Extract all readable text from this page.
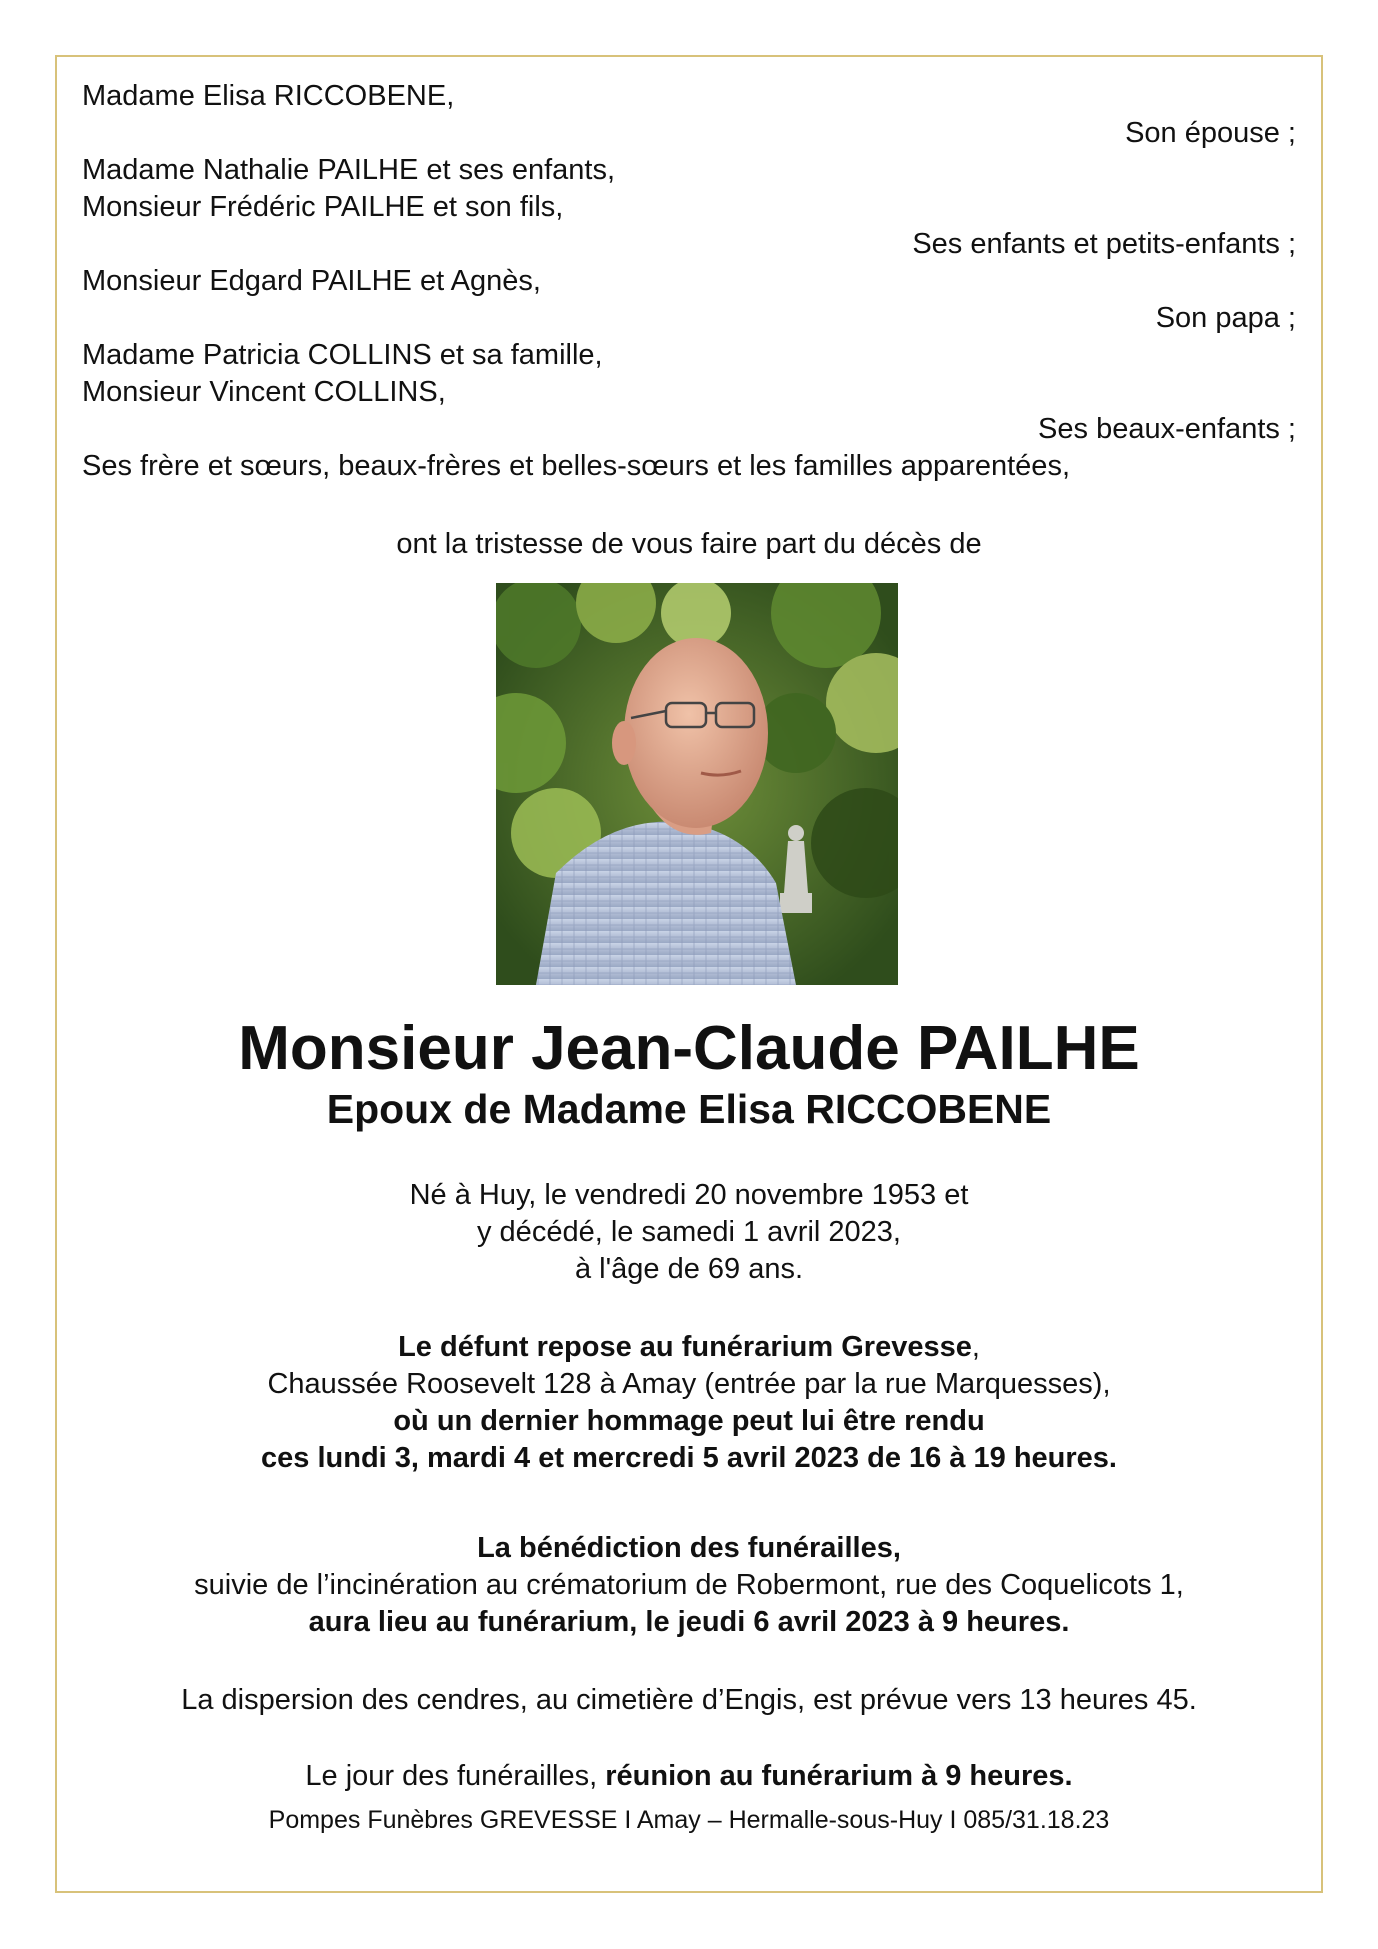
Madame Elisa RICCOBENE,
Son épouse ;
Madame Nathalie PAILHE et ses enfants,
Monsieur Frédéric PAILHE et son fils,
Ses enfants et petits-enfants ;
Monsieur Edgard PAILHE et Agnès,
Son papa ;
Madame Patricia COLLINS et sa famille,
Monsieur Vincent COLLINS,
Ses beaux-enfants ;
Ses frère et sœurs, beaux-frères et belles-sœurs et les familles apparentées,
ont la tristesse de vous faire part du décès de
Monsieur Jean-Claude PAILHE
Epoux de Madame Elisa RICCOBENE
Né à Huy, le vendredi 20 novembre 1953 et
y décédé, le samedi 1 avril 2023,
à l'âge de 69 ans.
Le défunt repose au funérarium Grevesse,
Chaussée Roosevelt 128 à Amay (entrée par la rue Marquesses),
où un dernier hommage peut lui être rendu
ces lundi 3, mardi 4 et mercredi 5 avril 2023 de 16 à 19 heures.
La bénédiction des funérailles,
suivie de l’incinération au crématorium de Robermont, rue des Coquelicots 1,
aura lieu au funérarium, le jeudi 6 avril 2023 à 9 heures.
La dispersion des cendres, au cimetière d’Engis, est prévue vers 13 heures 45.
Le jour des funérailles, réunion au funérarium à 9 heures.
Pompes Funèbres GREVESSE I Amay – Hermalle-sous-Huy I 085/31.18.23
